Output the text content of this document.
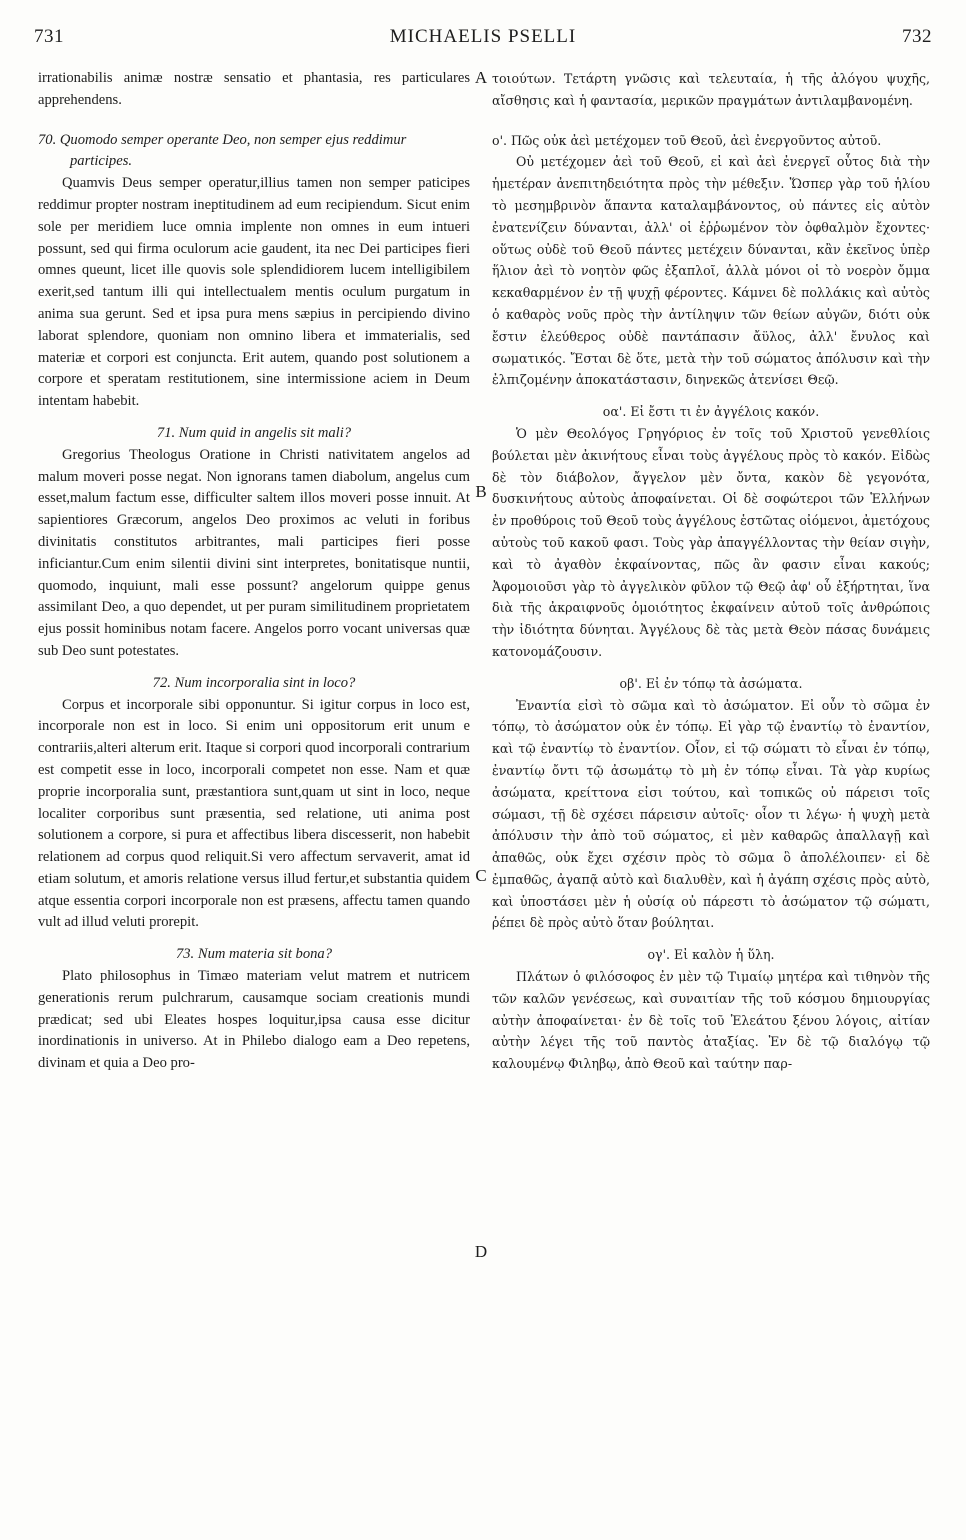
731	MICHAELIS PSELLI	732
A
B
C
D

irrationabilis animæ nostræ sensatio et phantasia, res particulares apprehendens.

70. Quomodo semper operante Deo, non semper ejus reddimur participes.

Quamvis Deus semper operatur,illius tamen non semper paticipes reddimur propter nostram ineptitudinem ad eum recipiendum. Sicut enim sole per meridiem luce omnia implente non omnes in eum intueri possunt, sed qui firma oculorum acie gaudent, ita nec Dei participes fieri omnes queunt, licet ille quovis sole splendidiorem lucem intelligibilem exerit,sed tantum illi qui intellectualem mentis oculum purgatum in anima sua gerunt. Sed et ipsa pura mens sæpius in percipiendo divino laborat splendore, quoniam non omnino libera et immaterialis, sed materiæ et corpori est conjuncta. Erit autem, quando post solutionem a corpore et speratam restitutionem, sine intermissione aciem in Deum intentam habebit.

71. Num quid in angelis sit mali?

Gregorius Theologus Oratione in Christi nativitatem angelos ad malum moveri posse negat. Non ignorans tamen diabolum, angelus cum esset,malum factum esse, difficulter saltem illos moveri posse innuit. At sapientiores Græcorum, angelos Deo proximos ac veluti in foribus divinitatis constitutos arbitrantes, mali participes fieri posse inficiantur.Cum enim silentii divini sint interpretes, bonitatisque nuntii, quomodo, inquiunt, mali esse possunt? angelorum quippe genus assimilant Deo, a quo dependet, ut per puram similitudinem proprietatem ejus possit hominibus notam facere. Angelos porro vocant universas quæ sub Deo sunt potestates.

72. Num incorporalia sint in loco?

Corpus et incorporale sibi opponuntur. Si igitur corpus in loco est, incorporale non est in loco. Si enim uni oppositorum erit unum e contrariis,alteri alterum erit. Itaque si corpori quod incorporali contrarium est competit esse in loco, incorporali competet non esse. Nam et quæ proprie incorporalia sunt, præstantiora sunt,quam ut sint in loco, neque localiter corporibus sunt præsentia, sed relatione, uti anima post solutionem a corpore, si pura et affectibus libera discesserit, non habebit relationem ad corpus quod reliquit.Si vero affectum servaverit, amat id etiam solutum, et amoris relatione versus illud fertur,et substantia quidem atque essentia corpori incorporale non est præsens, affectu tamen quando vult ad illud veluti prorepit.

73. Num materia sit bona?

Plato philosophus in Timæo materiam velut matrem et nutricem generationis rerum pulchrarum, causamque sociam creationis mundi prædicat; sed ubi Eleates hospes loquitur,ipsa causa esse dicitur inordinationis in universo. At in Philebo dialogo eam a Deo repetens, divinam et quia a Deo pro-

τοιούτων. Τετάρτη γνῶσις καὶ τελευταία, ἡ τῆς ἀλόγου ψυχῆς, αἴσθησις καὶ ἡ φαντασία, μερικῶν πραγμάτων ἀντιλαμβανομένη.

ο'. Πῶς οὐκ ἀεὶ μετέχομεν τοῦ Θεοῦ, ἀεὶ ἐνεργοῦντος αὐτοῦ.

Οὐ μετέχομεν ἀεὶ τοῦ Θεοῦ, εἰ καὶ ἀεὶ ἐνεργεῖ οὗτος διὰ τὴν ἡμετέραν ἀνεπιτηδειότητα πρὸς τὴν μέθεξιν. Ὥσπερ γὰρ τοῦ ἡλίου τὸ μεσημβρινὸν ἅπαντα καταλαμβάνοντος, οὐ πάντες εἰς αὐτὸν ἐνατενίζειν δύνανται, ἀλλ' οἱ ἐῤῥωμένον τὸν ὀφθαλμὸν ἔχοντες· οὕτως οὐδὲ τοῦ Θεοῦ πάντες μετέχειν δύνανται, κἂν ἐκεῖνος ὑπὲρ ἥλιον ἀεὶ τὸ νοητὸν φῶς ἐξαπλοῖ, ἀλλὰ μόνοι οἱ τὸ νοερὸν ὄμμα κεκαθαρμένον ἐν τῇ ψυχῇ φέροντες. Κάμνει δὲ πολλάκις καὶ αὐτὸς ὁ καθαρὸς νοῦς πρὸς τὴν ἀντίληψιν τῶν θείων αὐγῶν, διότι οὐκ ἔστιν ἐλεύθερος οὐδὲ παντάπασιν ἄϋλος, ἀλλ' ἔνυλος καὶ σωματικός. Ἔσται δὲ ὅτε, μετὰ τὴν τοῦ σώματος ἀπόλυσιν καὶ τὴν ἐλπιζομένην ἀποκατάστασιν, διηνεκῶς ἀτενίσει Θεῷ.

οα'. Εἰ ἔστι τι ἐν ἀγγέλοις κακόν.

Ὁ μὲν Θεολόγος Γρηγόριος ἐν τοῖς τοῦ Χριστοῦ γενεθλίοις βούλεται μὲν ἀκινήτους εἶναι τοὺς ἀγγέλους πρὸς τὸ κακόν. Εἰδὼς δὲ τὸν διάβολον, ἄγγελον μὲν ὄντα, κακὸν δὲ γεγονότα, δυσκινήτους αὐτοὺς ἀποφαίνεται. Οἱ δὲ σοφώτεροι τῶν Ἑλλήνων ἐν προθύροις τοῦ Θεοῦ τοὺς ἀγγέλους ἑστῶτας οἰόμενοι, ἀμετόχους αὐτοὺς τοῦ κακοῦ φασι. Τοὺς γὰρ ἀπαγγέλλοντας τὴν θείαν σιγὴν, καὶ τὸ ἀγαθὸν ἐκφαίνοντας, πῶς ἂν φασιν εἶναι κακούς; Ἀφομοιοῦσι γὰρ τὸ ἀγγελικὸν φῦλον τῷ Θεῷ ἀφ' οὗ ἐξήρτηται, ἵνα διὰ τῆς ἀκραιφνοῦς ὁμοιότητος ἐκφαίνειν αὐτοῦ τοῖς ἀνθρώποις τὴν ἰδιότητα δύνηται. Ἀγγέλους δὲ τὰς μετὰ Θεὸν πάσας δυνάμεις κατονομάζουσιν.

οβ'. Εἰ ἐν τόπῳ τὰ ἀσώματα.

Ἐναντία εἰσὶ τὸ σῶμα καὶ τὸ ἀσώματον. Εἰ οὖν τὸ σῶμα ἐν τόπῳ, τὸ ἀσώματον οὐκ ἐν τόπῳ. Εἰ γὰρ τῷ ἐναντίῳ τὸ ἐναντίον, καὶ τῷ ἐναντίῳ τὸ ἐναντίον. Οἷον, εἰ τῷ σώματι τὸ εἶναι ἐν τόπῳ, ἐναντίῳ ὄντι τῷ ἀσωμάτῳ τὸ μὴ ἐν τόπῳ εἶναι. Τὰ γὰρ κυρίως ἀσώματα, κρείττονα εἰσι τούτου, καὶ τοπικῶς οὐ πάρεισι τοῖς σώμασι, τῇ δὲ σχέσει πάρεισιν αὐτοῖς· οἷον τι λέγω· ἡ ψυχὴ μετὰ ἀπόλυσιν τὴν ἀπὸ τοῦ σώματος, εἰ μὲν καθαρῶς ἀπαλλαγῇ καὶ ἀπαθῶς, οὐκ ἔχει σχέσιν πρὸς τὸ σῶμα ὃ ἀπολέλοιπεν· εἰ δὲ ἐμπαθῶς, ἀγαπᾷ αὐτὸ καὶ διαλυθὲν, καὶ ἡ ἀγάπη σχέσις πρὸς αὐτὸ, καὶ ὑποστάσει μὲν ἡ οὐσίᾳ οὐ πάρεστι τὸ ἀσώματον τῷ σώματι, ῥέπει δὲ πρὸς αὐτὸ ὅταν βούληται.

ογ'. Εἰ καλὸν ἡ ὕλη.

Πλάτων ὁ φιλόσοφος ἐν μὲν τῷ Τιμαίῳ μητέρα καὶ τιθηνὸν τῆς τῶν καλῶν γενέσεως, καὶ συναιτίαν τῆς τοῦ κόσμου δημιουργίας αὐτὴν ἀποφαίνεται· ἐν δὲ τοῖς τοῦ Ἐλεάτου ξένου λόγοις, αἰτίαν αὐτὴν λέγει τῆς τοῦ παντὸς ἀταξίας. Ἐν δὲ τῷ διαλόγῳ τῷ καλουμένῳ Φιληβῳ, ἀπὸ Θεοῦ καὶ ταύτην παρ-
